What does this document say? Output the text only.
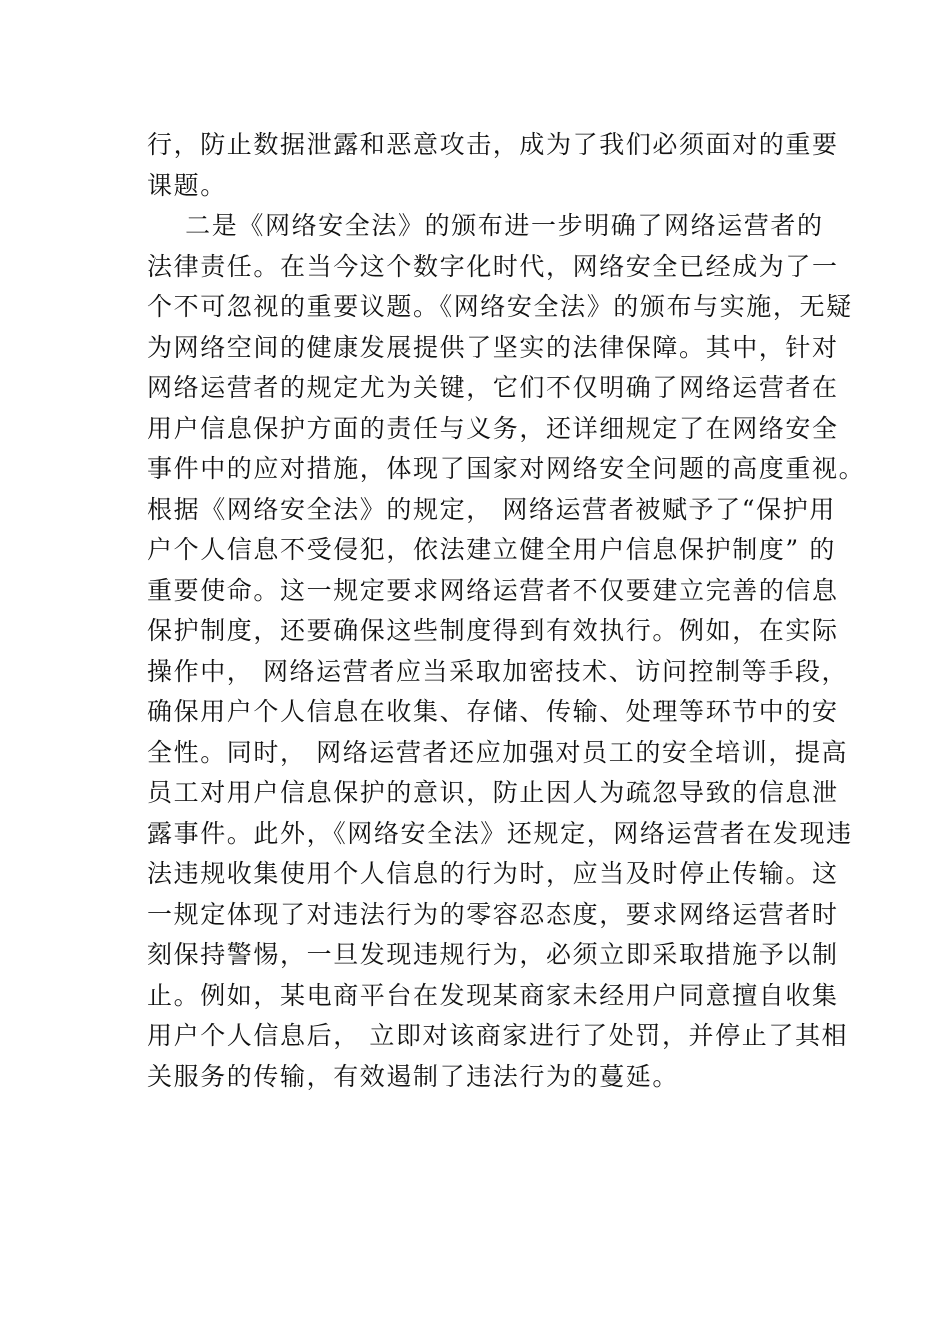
行，防止数据泄露和恶意攻击，成为了我们必须面对的重要
课题。
二是《网络安全法》的颁布进一步明确了网络运营者的
法律责任。在当今这个数字化时代，网络安全已经成为了一
个不可忽视的重要议题。《网络安全法》的颁布与实施，无疑
为网络空间的健康发展提供了坚实的法律保障。其中，针对
网络运营者的规定尤为关键，它们不仅明确了网络运营者在
用户信息保护方面的责任与义务，还详细规定了在网络安全
事件中的应对措施，体现了国家对网络安全问题的高度重视。
根据《网络安全法》的规定， 网络运营者被赋予了“保护用
户个人信息不受侵犯，依法建立健全用户信息保护制度” 的
重要使命。这一规定要求网络运营者不仅要建立完善的信息
保护制度，还要确保这些制度得到有效执行。例如，在实际
操作中， 网络运营者应当采取加密技术、访问控制等手段，
确保用户个人信息在收集、存储、传输、处理等环节中的安
全性。同时， 网络运营者还应加强对员工的安全培训，提高
员工对用户信息保护的意识，防止因人为疏忽导致的信息泄
露事件。此外，《网络安全法》还规定，网络运营者在发现违
法违规收集使用个人信息的行为时，应当及时停止传输。这
一规定体现了对违法行为的零容忍态度，要求网络运营者时
刻保持警惕，一旦发现违规行为，必须立即采取措施予以制
止。例如，某电商平台在发现某商家未经用户同意擅自收集
用户个人信息后， 立即对该商家进行了处罚，并停止了其相
关服务的传输，有效遏制了违法行为的蔓延。
